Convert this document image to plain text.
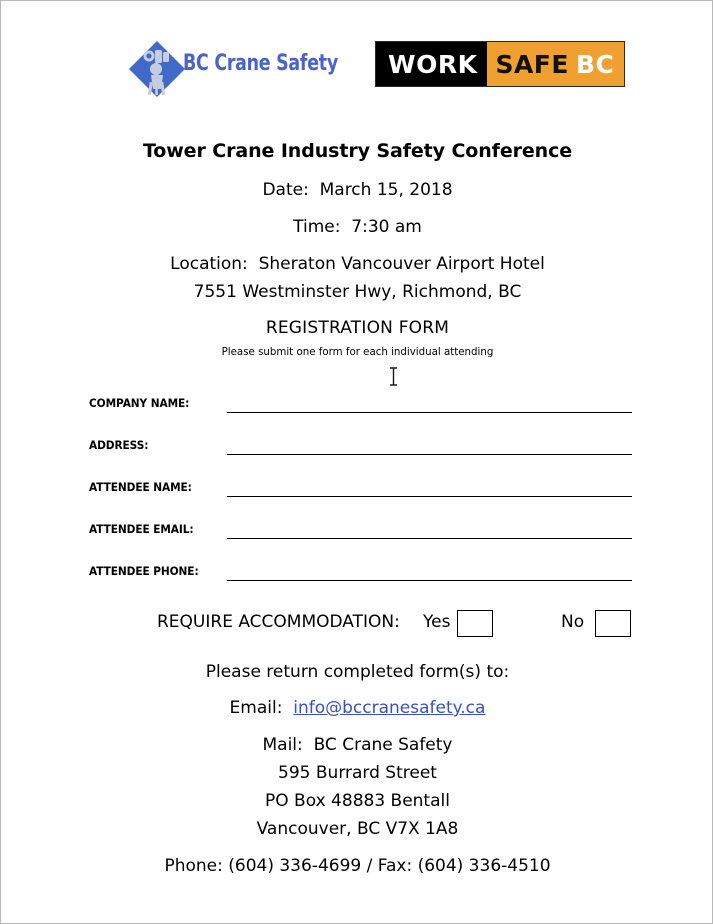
BC Crane Safety	WORK SAFE BC
Tower Crane Industry Safety Conference
Date:  March 15, 2018
Time:  7:30 am
Location:  Sheraton Vancouver Airport Hotel
7551 Westminster Hwy, Richmond, BC
REGISTRATION FORM
Please submit one form for each individual attending
COMPANY NAME:
ADDRESS:
ATTENDEE NAME:
ATTENDEE EMAIL:
ATTENDEE PHONE:
REQUIRE ACCOMMODATION: Yes	No
Please return completed form(s) to:
Email:  info@bccranesafety.ca
Mail:  BC Crane Safety
595 Burrard Street
PO Box 48883 Bentall
Vancouver, BC V7X 1A8
Phone: (604) 336-4699 / Fax: (604) 336-4510
